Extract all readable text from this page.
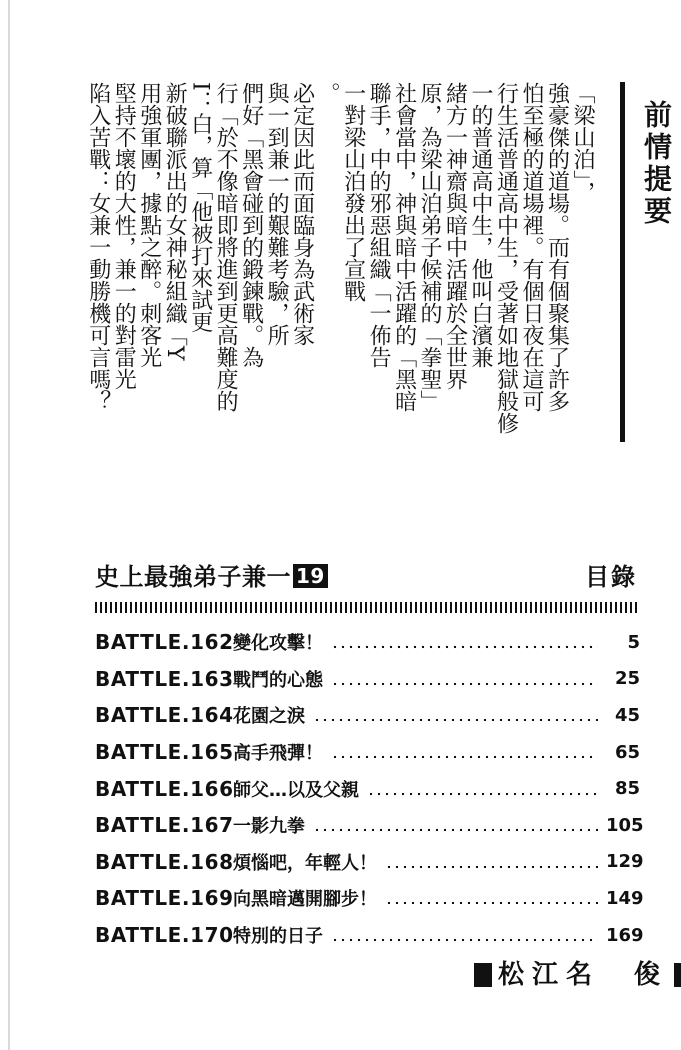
前情提要
「梁山泊」，
強豪傑的道場。而有個聚集了許多
怕至極的道場裡。有個日夜在這可
行生活普通高中生，受著如地獄般修
一的普通高中生，他叫白濱兼
緒方一神齋與暗中活躍於全世界
原，為梁山泊弟子候補的「拳聖」
社會當中，神與暗中活躍的「黑暗
聯手，中的邪惡組織「一佈告
一對梁山泊發出了宣戰
。
必定因此而面臨身為武術家
與一到兼一的艱難考驗，所
們好「黑會碰到的鍛鍊戰。為
行「於不像暗即將進到更高難度的
I：白，算「他被打來試更
新破聯派出的女神秘組織「Y
用強軍團，據點之醉。刺客光
堅持不壞的大性，兼一的對雷光
陷入苦戰：女兼一動勝機可言嗎？
史上最強弟子兼一 19	目錄
BATTLE.162 變化攻擊！	5
BATTLE.163 戰鬥的心態	25
BATTLE.164 花園之淚	45
BATTLE.165 高手飛彈！	65
BATTLE.166 師父…以及父親	85
BATTLE.167 一影九拳	105
BATTLE.168 煩惱吧，年輕人！	129
BATTLE.169 向黑暗邁開腳步！	149
BATTLE.170 特別的日子	169
松江名　俊
